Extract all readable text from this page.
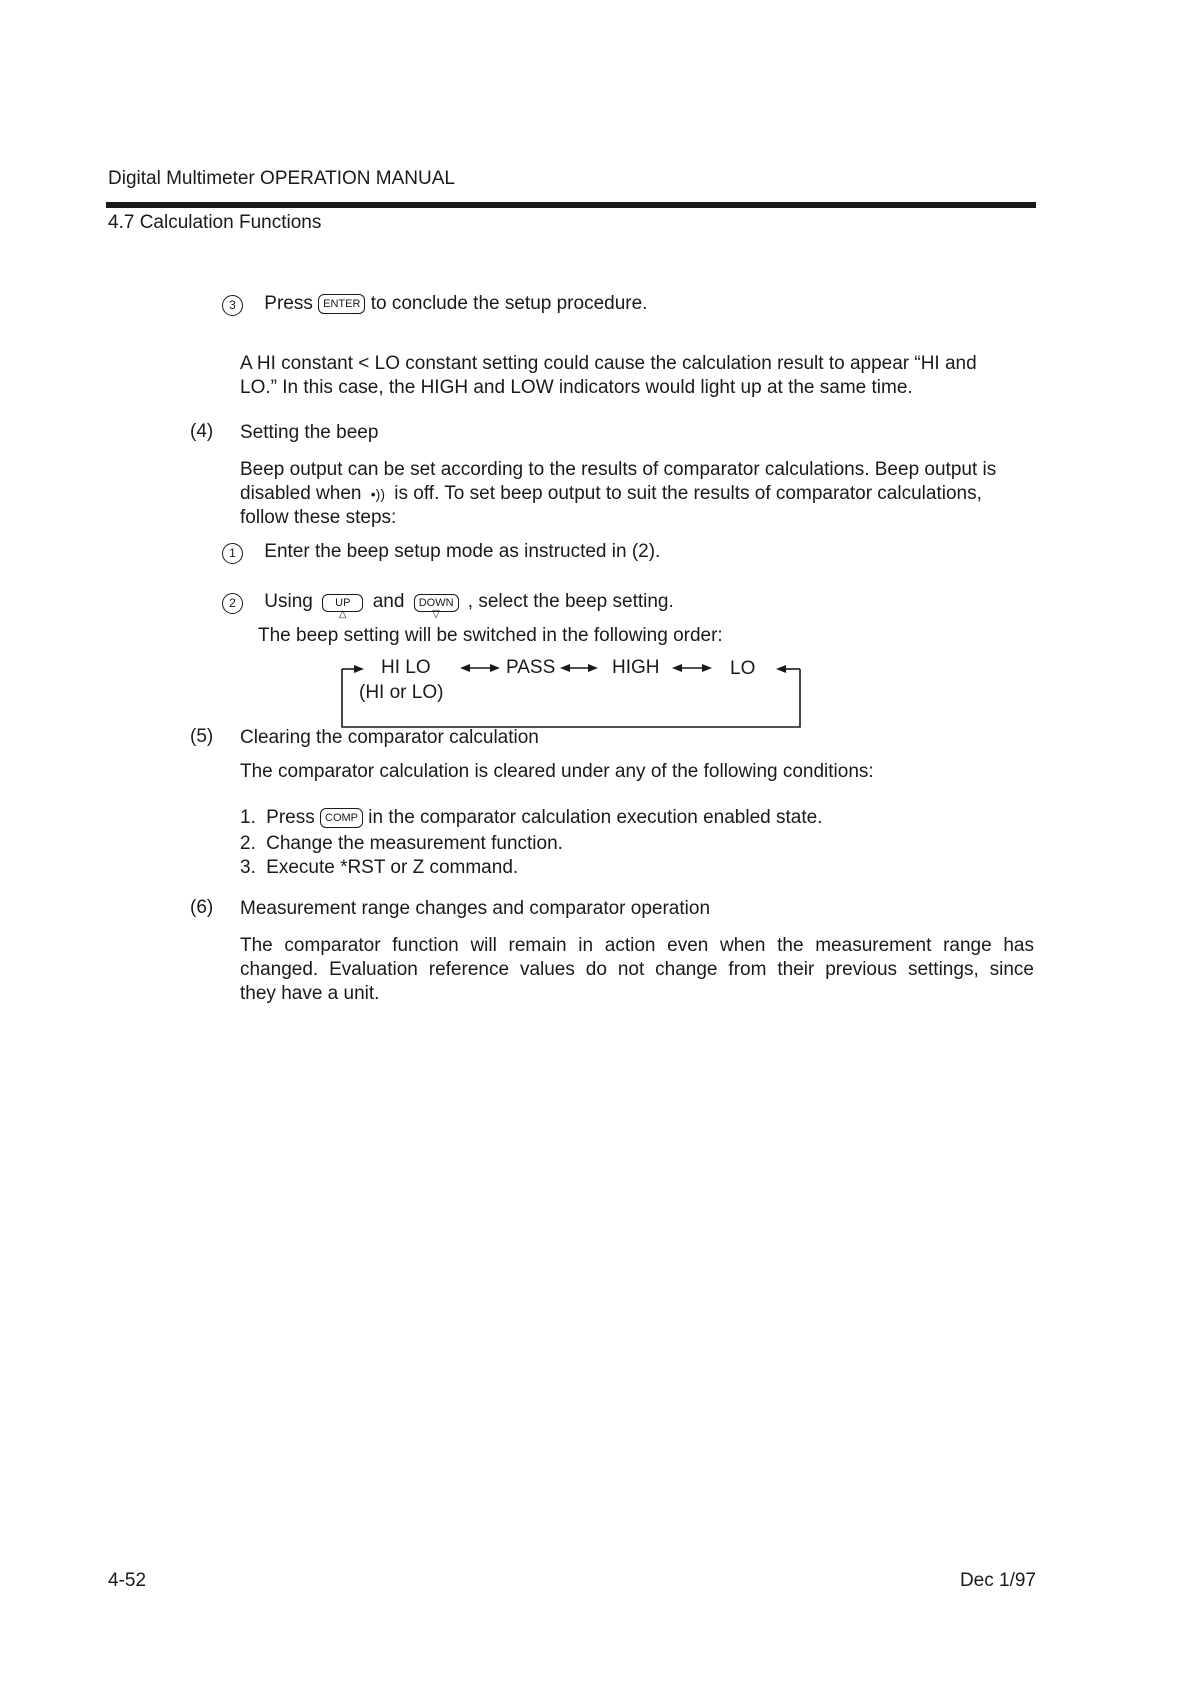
Digital Multimeter OPERATION MANUAL
4.7 Calculation Functions
3 Press ENTER to conclude the setup procedure.
A HI constant < LO constant setting could cause the calculation result to appear “HI and
LO.” In this case, the HIGH and LOW indicators would light up at the same time.
(4) Setting the beep
Beep output can be set according to the results of comparator calculations. Beep output is
disabled when •)) is off. To set beep output to suit the results of comparator calculations,
follow these steps:
1 Enter the beep setup mode as instructed in (2).
2 Using	UP
△
and	DOWN
▽
, select the beep setting.
The beep setting will be switched in the following order:
HI LO	PASS	HIGH	LO
(HI or LO)
(5) Clearing the comparator calculation
The comparator calculation is cleared under any of the following conditions:
1. Press COMP in the comparator calculation execution enabled state.
2. Change the measurement function.
3. Execute *RST or Z command.
(6) Measurement range changes and comparator operation
The comparator function will remain in action even when the measurement range has
changed. Evaluation reference values do not change from their previous settings, since
they have a unit.
4-52	Dec 1/97
